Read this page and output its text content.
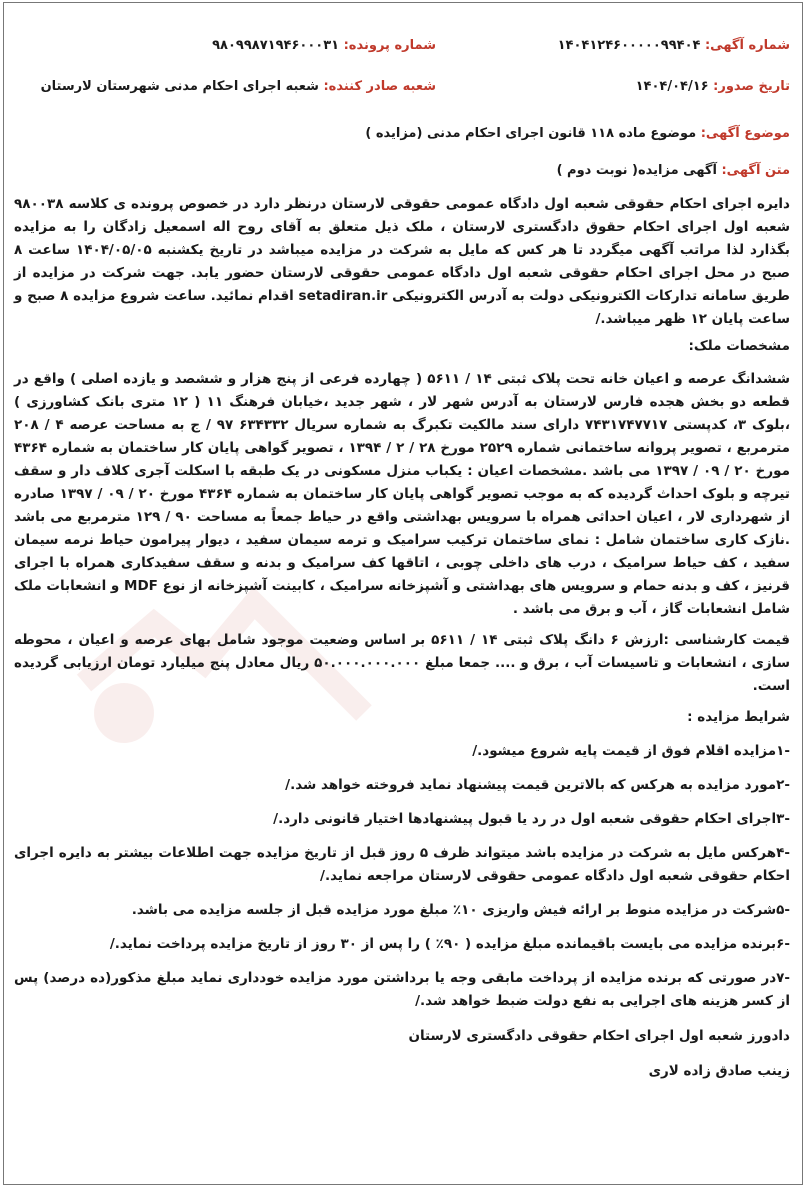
شماره آگهی: ۱۴۰۴۱۲۴۶۰۰۰۰۰۹۹۴۰۴
شماره پرونده: ۹۸۰۹۹۸۷۱۹۴۶۰۰۰۳۱
تاریخ صدور: ۱۴۰۴/۰۴/۱۶
شعبه صادر کننده: شعبه اجرای احکام مدنی شهرستان لارستان
موضوع آگهی: موضوع ماده ۱۱۸ قانون اجرای احکام مدنی (مزایده )
متن آگهی: آگهی مزایده( نوبت دوم )

دایره اجرای احکام حقوقی شعبه اول دادگاه عمومی حقوقی لارستان درنظر دارد در خصوص پرونده ی کلاسه ۹۸۰۰۳۸ شعبه اول اجرای احکام حقوق دادگستری لارستان ، ملک ذیل متعلق به آقای روح اله اسمعیل زادگان را به مزایده بگذارد لذا مراتب آگهی میگردد تا هر کس که مایل به شرکت در مزایده میباشد در تاریخ یکشنبه ۱۴۰۴/۰۵/۰۵ ساعت ۸ صبح در محل اجرای احکام حقوقی شعبه اول دادگاه عمومی حقوقی لارستان حضور یابد. جهت شرکت در مزایده از طریق سامانه تدارکات الکترونیکی دولت به آدرس الکترونیکی setadiran.ir اقدام نمائید. ساعت شروع مزایده ۸ صبح و ساعت پایان ۱۲ ظهر میباشد./

مشخصات ملک:

ششدانگ عرصه و اعیان خانه تحت پلاک ثبتی ۱۴ / ۵۶۱۱ ( چهارده فرعی از پنج هزار و ششصد و یازده اصلی ) واقع در قطعه دو بخش هجده فارس لارستان به آدرس شهر لار ، شهر جدید ،خیابان فرهنگ ۱۱ ( ۱۲ متری بانک کشاورزی ) ،بلوک ۳، کدپستی ۷۴۳۱۷۴۷۷۱۷ دارای سند مالکیت تکبرگ به شماره سریال ۶۳۴۳۳۲ ۹۷ / ج به مساحت عرصه ۴ / ۲۰۸ مترمربع ، تصویر پروانه ساختمانی شماره ۲۵۲۹ مورخ ۲۸ / ۲ / ۱۳۹۴ ، تصویر گواهی پایان کار ساختمان به شماره ۴۳۶۴ مورخ ۲۰ / ۰۹ / ۱۳۹۷ می باشد .مشخصات اعیان : یکباب منزل مسکونی در یک طبقه با اسکلت آجری کلاف دار و سقف تیرچه و بلوک احداث گردیده که به موجب تصویر گواهی پایان کار ساختمان به شماره ۴۳۶۴ مورخ ۲۰ / ۰۹ / ۱۳۹۷ صادره از شهرداری لار ، اعیان احداثی همراه با سرویس بهداشتی واقع در حیاط جمعاً به مساحت ۹۰ / ۱۲۹ مترمربع می باشد .نازک کاری ساختمان شامل : نمای ساختمان ترکیب سرامیک و ترمه سیمان سفید ، دیوار پیرامون حیاط نرمه سیمان سفید ، کف حیاط سرامیک ، درب های داخلی چوبی ، اتاقها کف سرامیک و بدنه و سقف سفیدکاری همراه با اجرای قرنیز ، کف و بدنه حمام و سرویس های بهداشتی و آشپزخانه سرامیک ، کابینت آشپزخانه از نوع MDF و انشعابات ملک شامل انشعابات گاز ، آب و برق می باشد .

قیمت کارشناسی :ارزش ۶ دانگ پلاک ثبتی ۱۴ / ۵۶۱۱ بر اساس وضعیت موجود شامل بهای عرصه و اعیان ، محوطه سازی ، انشعابات و تاسیسات آب ، برق و .... جمعا مبلغ ۵۰.۰۰۰.۰۰۰.۰۰۰ ریال معادل پنج میلیارد تومان ارزیابی گردیده است.

شرایط مزایده :

-۱مزایده اقلام فوق از قیمت پایه شروع میشود./

-۲مورد مزایده به هرکس که بالاترین قیمت پیشنهاد نماید فروخته خواهد شد./

-۳اجرای احکام حقوقی شعبه اول در رد یا قبول پیشنهادها اختیار قانونی دارد./

-۴هرکس مایل به شرکت در مزایده باشد میتواند ظرف ۵ روز قبل از تاریخ مزایده جهت اطلاعات بیشتر به دایره اجرای احکام حقوقی شعبه اول دادگاه عمومی حقوقی لارستان مراجعه نماید./

-۵شرکت در مزایده منوط بر ارائه فیش واریزی ۱۰٪ مبلغ مورد مزایده قبل از جلسه مزایده می باشد.

-۶برنده مزایده می بایست باقیمانده مبلغ مزایده ( ۹۰٪ ) را پس از ۳۰ روز از تاریخ مزایده پرداخت نماید./

-۷در صورتی که برنده مزایده از پرداخت مابقی وجه یا برداشتن مورد مزایده خودداری نماید مبلغ مذکور(ده درصد) پس از کسر هزینه های اجرایی به نفع دولت ضبط خواهد شد./

دادورز شعبه اول اجرای احکام حقوقی دادگستری لارستان

زینب صادق زاده لاری
